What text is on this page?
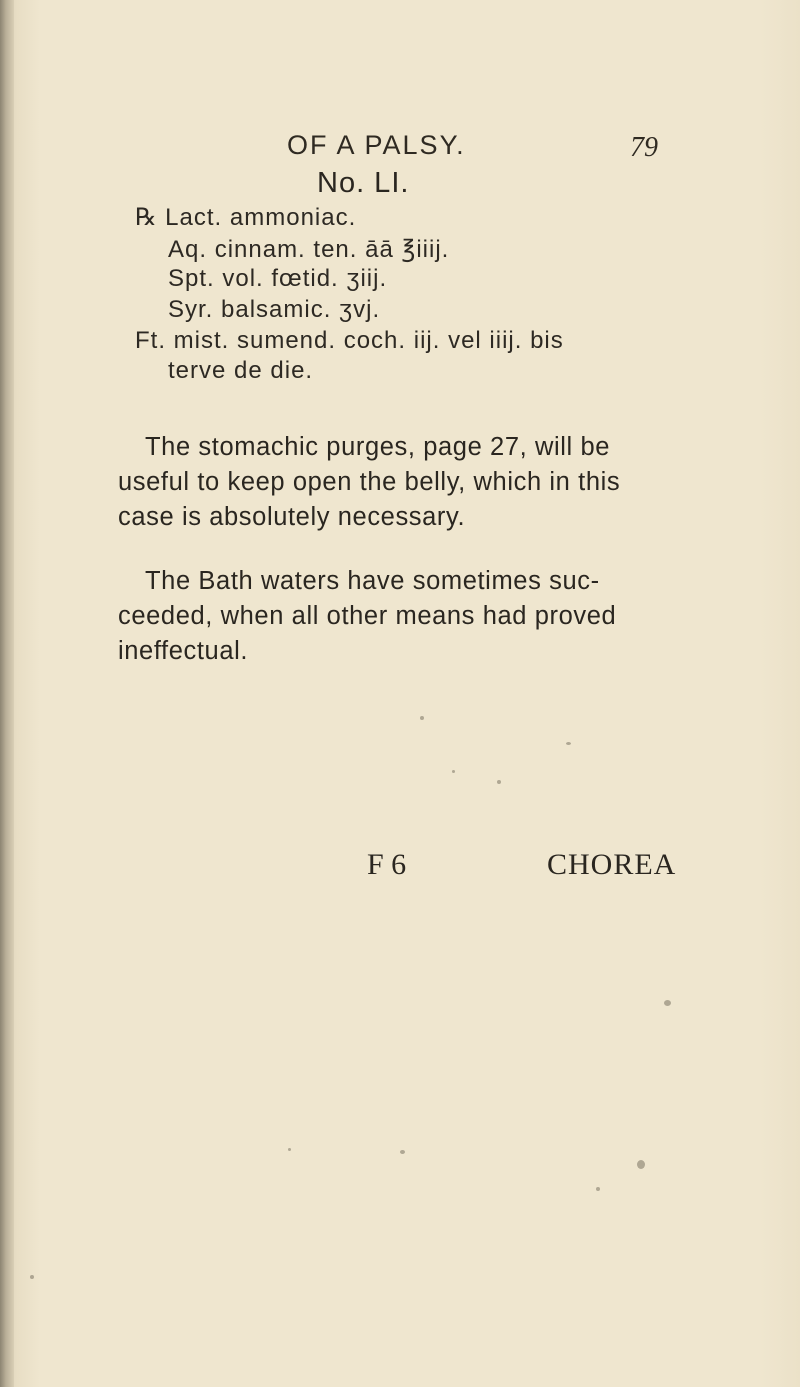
OF A PALSY.	79
No. LI.
℞ Lact. ammoniac.
Aq. cinnam. ten. āā ℥iiij.
Spt. vol. fœtid. ʒiij.
Syr. balsamic. ʒvj.
Ft. mist. sumend. coch. iij. vel iiij. bis
terve de die.
The stomachic purges, page 27, will be
useful to keep open the belly, which in this
case is absolutely necessary.
The Bath waters have sometimes suc-
ceeded, when all other means had proved
ineffectual.
F 6	CHOREA
